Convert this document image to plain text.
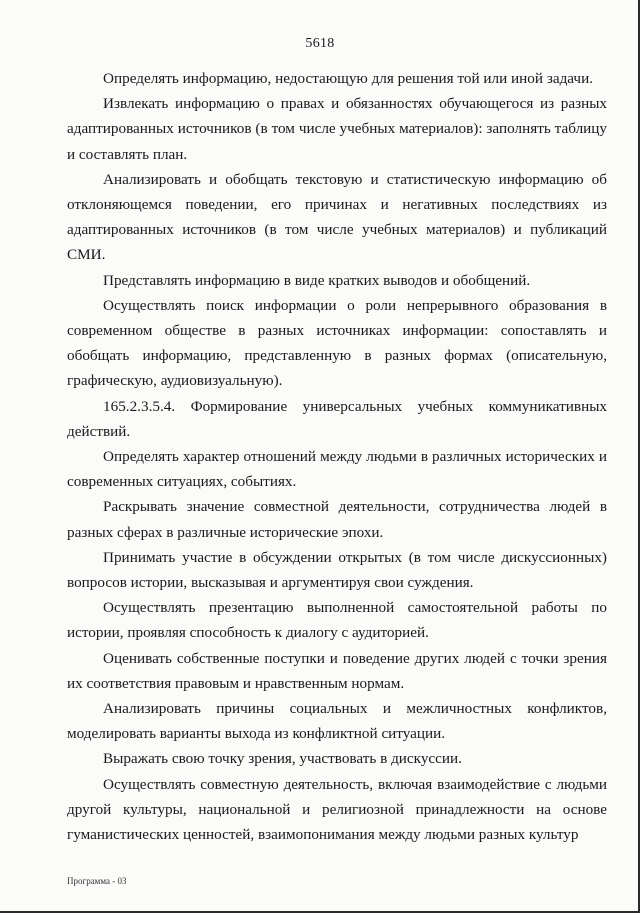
5618

Определять информацию, недостающую для решения той или иной задачи.

Извлекать информацию о правах и обязанностях обучающегося из разных адаптированных источников (в том числе учебных материалов): заполнять таблицу и составлять план.

Анализировать и обобщать текстовую и статистическую информацию об отклоняющемся поведении, его причинах и негативных последствиях из адаптированных источников (в том числе учебных материалов) и публикаций СМИ.

Представлять информацию в виде кратких выводов и обобщений.

Осуществлять поиск информации о роли непрерывного образования в современном обществе в разных источниках информации: сопоставлять и обобщать информацию, представленную в разных формах (описательную, графическую, аудиовизуальную).

165.2.3.5.4. Формирование универсальных учебных коммуникативных действий.

Определять характер отношений между людьми в различных исторических и современных ситуациях, событиях.

Раскрывать значение совместной деятельности, сотрудничества людей в разных сферах в различные исторические эпохи.

Принимать участие в обсуждении открытых (в том числе дискуссионных) вопросов истории, высказывая и аргументируя свои суждения.

Осуществлять презентацию выполненной самостоятельной работы по истории, проявляя способность к диалогу с аудиторией.

Оценивать собственные поступки и поведение других людей с точки зрения их соответствия правовым и нравственным нормам.

Анализировать причины социальных и межличностных конфликтов, моделировать варианты выхода из конфликтной ситуации.

Выражать свою точку зрения, участвовать в дискуссии.

Осуществлять совместную деятельность, включая взаимодействие с людьми другой культуры, национальной и религиозной принадлежности на основе гуманистических ценностей, взаимопонимания между людьми разных культур

Программа - 03
